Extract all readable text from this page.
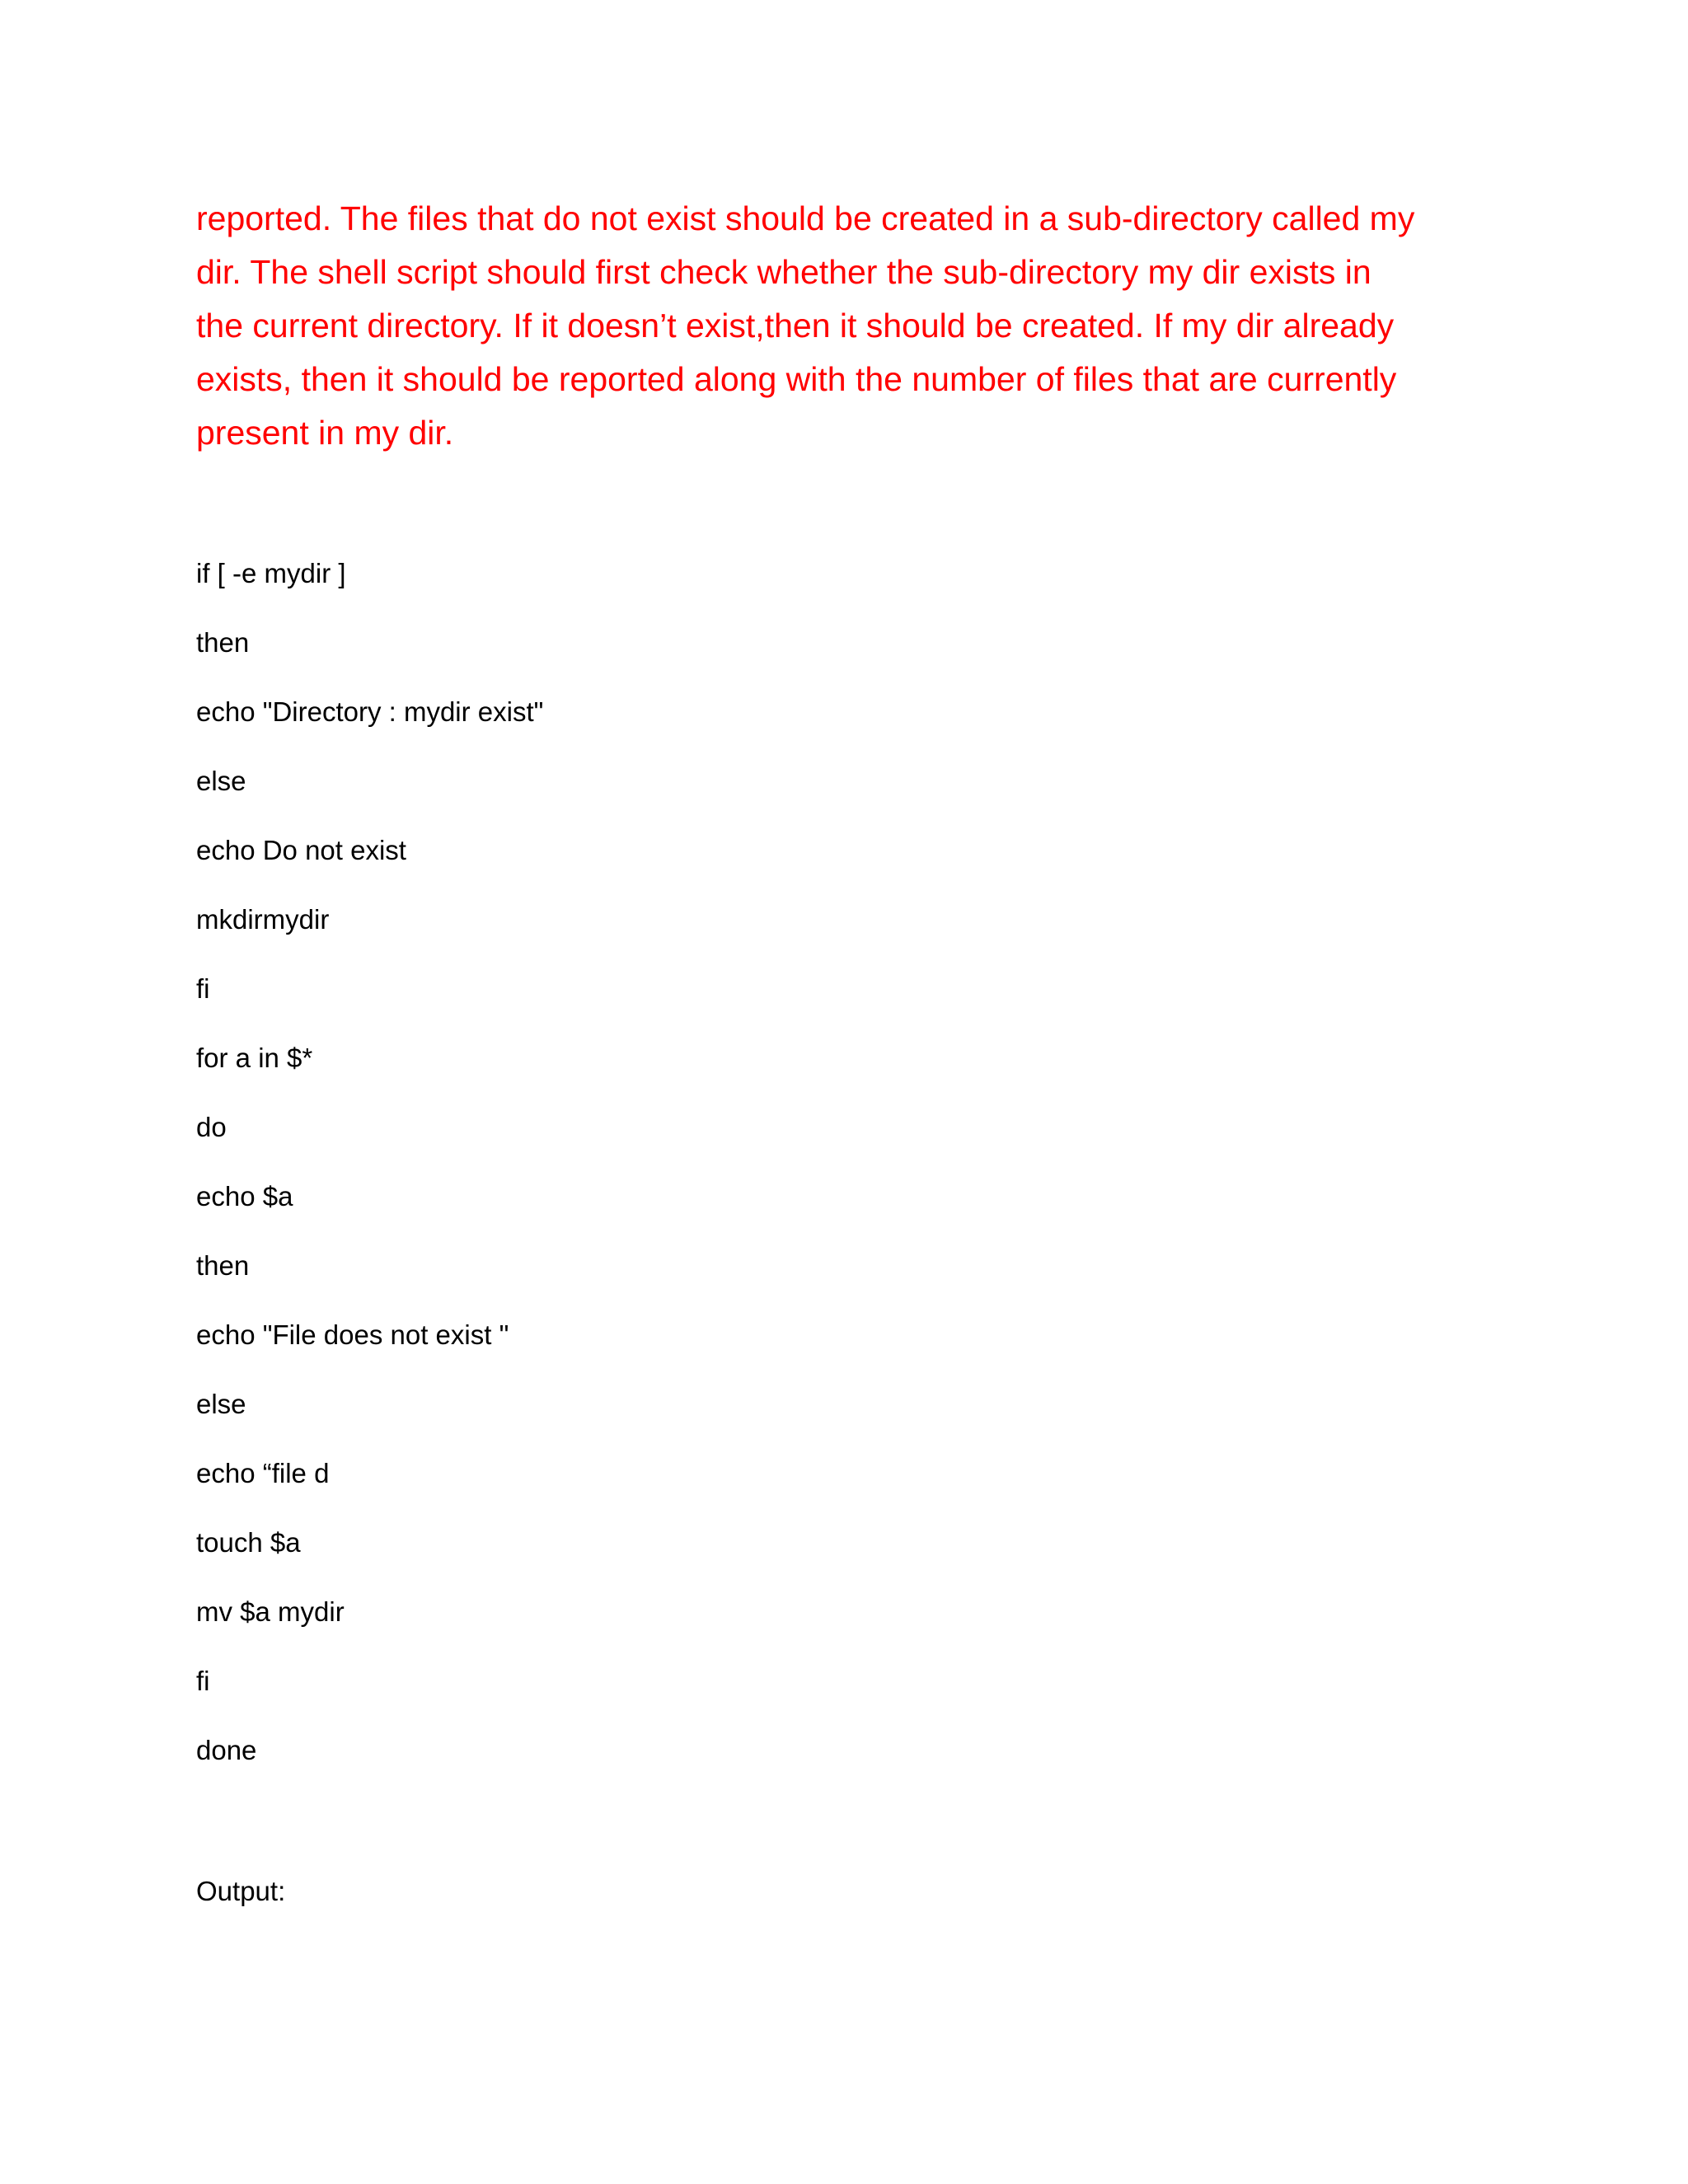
reported. The files that do not exist should be created in a sub-directory called my
dir. The shell script should first check whether the sub-directory my dir exists in
the current directory. If it doesn’t exist,then it should be created. If my dir already
exists, then it should be reported along with the number of files that are currently
present in my dir.
if [ -e mydir ]
then
echo "Directory : mydir exist"
else
echo Do not exist
mkdirmydir
fi
for a in $*
do
echo $a
then
echo "File does not exist "
else
echo “file d
touch $a
mv $a mydir
fi
done
Output:
